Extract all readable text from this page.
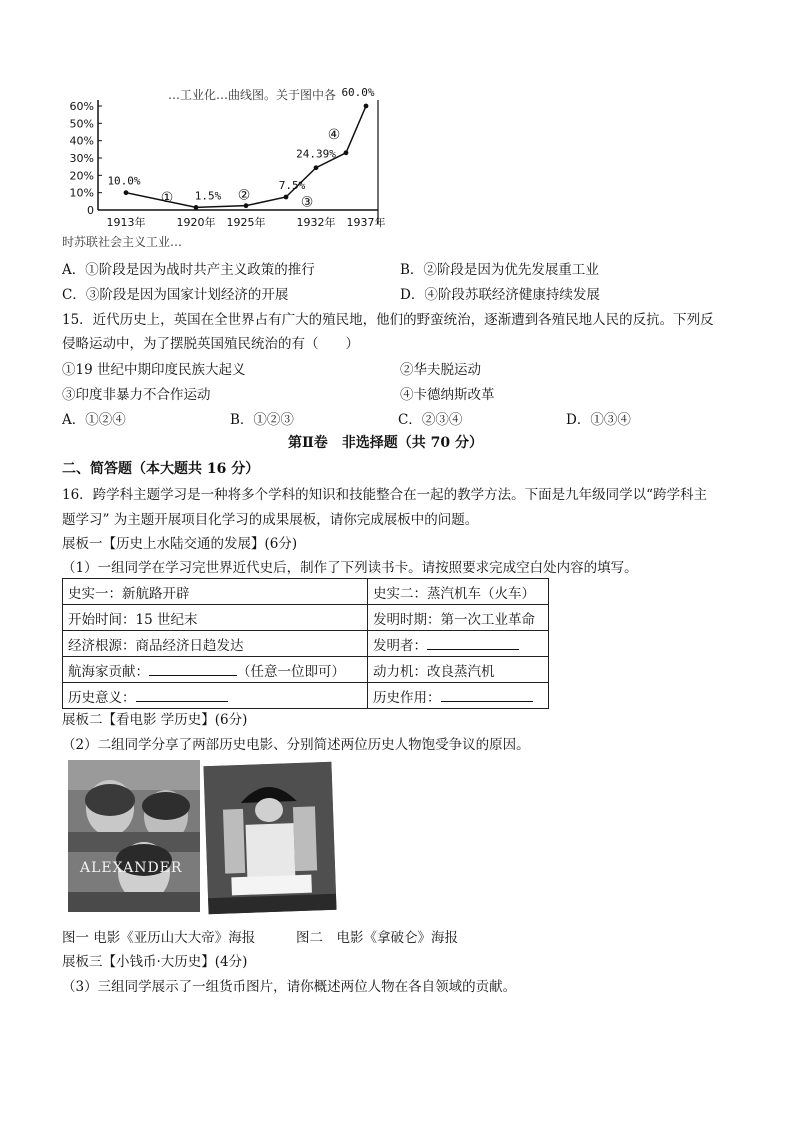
…工业化…曲线图。关于图中各
60%
50%
40%
30%
20%
10%
0
10.0%
1.5%
7.5%
24.39%
60.0%
①	②	③
④
1913年	1920年 1925年	1932年 1937年
时苏联社会主义工业…
A．①阶段是因为战时共产主义政策的推行	B．②阶段是因为优先发展重工业
C．③阶段是因为国家计划经济的开展	D．④阶段苏联经济健康持续发展
15．近代历史上，英国在全世界占有广大的殖民地，他们的野蛮统治，逐渐遭到各殖民地人民的反抗。下列反
侵略运动中，为了摆脱英国殖民统治的有（　　）
①19 世纪中期印度民族大起义	②华夫脱运动
③印度非暴力不合作运动	④卡德纳斯改革
A．①②④	B．①②③	C．②③④	D．①③④
第Ⅱ卷　非选择题（共 70 分）
二、简答题（本大题共 16 分）
16．跨学科主题学习是一种将多个学科的知识和技能整合在一起的教学方法。下面是九年级同学以“跨学科主
题学习” 为主题开展项目化学习的成果展板，请你完成展板中的问题。
展板一【历史上水陆交通的发展】(6分)
（1）一组同学在学习完世界近代史后，制作了下列读书卡。请按照要求完成空白处内容的填写。
史实一：新航路开辟	史实二：蒸汽机车（火车）
开始时间：15 世纪末	发明时期：第一次工业革命
经济根源：商品经济日趋发达	发明者：
航海家贡献： （任意一位即可）	动力机：改良蒸汽机
历史意义：	历史作用：
展板二【看电影 学历史】(6分)
（2）二组同学分享了两部历史电影、分别简述两位历史人物饱受争议的原因。
ALEXANDER
图一 电影《亚历山大大帝》海报	图二　电影《拿破仑》海报
展板三【小钱币·大历史】(4分)
（3）三组同学展示了一组货币图片，请你概述两位人物在各自领域的贡献。
